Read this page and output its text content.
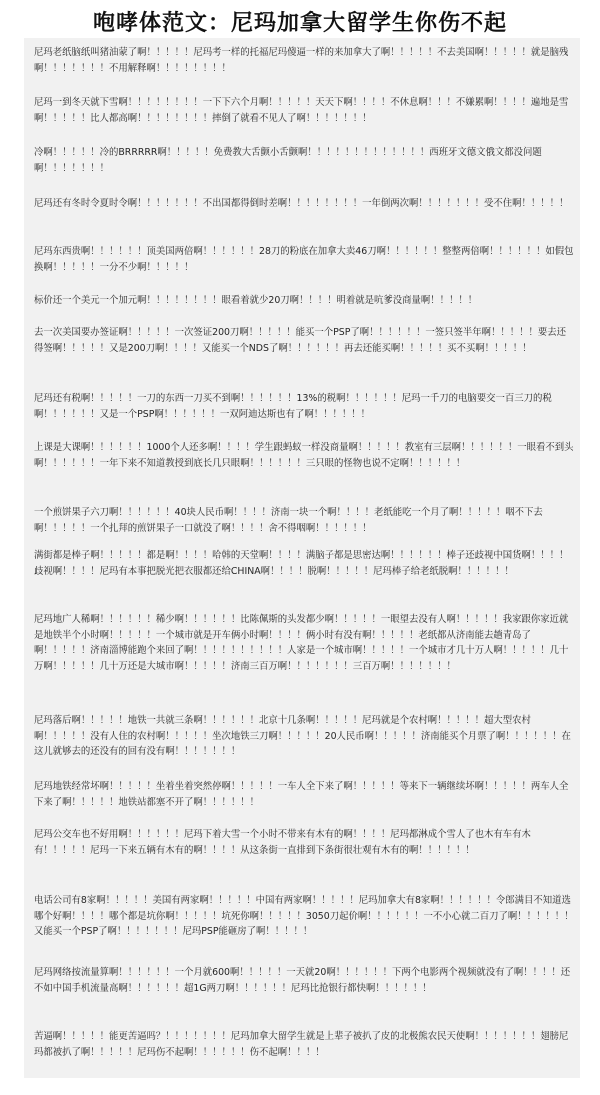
咆哮体范文：尼玛加拿大留学生你伤不起
尼玛老纸脑纸叫猪油蒙了啊！！！！！尼玛考一样的托福尼玛傻逼一样的来加拿大了啊！！！！！不去美国啊！！！！！就是脑残啊！！！！！！！不用解释啊！！！！！！！！
尼玛一到冬天就下雪啊！！！！！！！！一下下六个月啊！！！！！天天下啊！！！！不休息啊！！！不嫌累啊！！！！遍地是雪啊！！！！！比人都高啊！！！！！！！！摔倒了就看不见人了啊！！！！！！！
冷啊！！！！！冷的BRRRRR啊！！！！！免费教大舌颤小舌颤啊！！！！！！！！！！！！！西班牙文德文俄文都没问题啊！！！！！！！
尼玛还有冬时令夏时令啊！！！！！！！不出国都得倒时差啊！！！！！！！！一年倒两次啊！！！！！！！受不住啊！！！！！
尼玛东西贵啊！！！！！！顶美国两倍啊！！！！！！28刀的粉底在加拿大卖46刀啊！！！！！！整整两倍啊！！！！！！如假包换啊！！！！！一分不少啊！！！！！
标价还一个美元一个加元啊！！！！！！！！眼看着就少20刀啊！！！！明着就是吭爹没商量啊！！！！！
去一次美国要办签证啊！！！！！一次签证200刀啊！！！！！能买一个PSP了啊！！！！！！一签只签半年啊！！！！！要去还得签啊！！！！！又是200刀啊！！！！又能买一个NDS了啊！！！！！！再去还能买啊！！！！！买不买啊！！！！！
尼玛还有税啊！！！！！一刀的东西一刀买不到啊！！！！！！13%的税啊！！！！！！尼玛一千刀的电脑要交一百三刀的税啊！！！！！！又是一个PSP啊！！！！！！一双阿迪达斯也有了啊！！！！！！
上课是大课啊！！！！！！1000个人还多啊！！！！学生跟蚂蚁一样没商量啊！！！！！教室有三层啊！！！！！！一眼看不到头啊！！！！！！一年下来不知道教授到底长几只眼啊！！！！！！三只眼的怪物也说不定啊！！！！！！
一个煎饼果子六刀啊！！！！！！40块人民币啊！！！！济南一块一个啊！！！！老纸能吃一个月了啊！！！！！咽不下去啊！！！！！一个扎拜的煎饼果子一口就没了啊！！！！舍不得咽啊！！！！！！
满街都是棒子啊！！！！！都是啊！！！！哈韩的天堂啊！！！！满脑子都是思密达啊！！！！！！棒子还歧视中国货啊！！！！歧视啊！！！！尼玛有本事把脱光把衣服都还给CHINA啊！！！！脱啊！！！！！尼玛棒子给老纸脱啊！！！！！！
尼玛地广人稀啊！！！！！！稀少啊！！！！！！比陈佩斯的头发都少啊！！！！！一眼望去没有人啊！！！！！我家跟你家近就是地铁半个小时啊！！！！！一个城市就是开车俩小时啊！！！！俩小时有没有啊！！！！！老纸都从济南能去趟青岛了啊！！！！！济南淄博能跑个来回了啊！！！！！！！！！！人家是一个城市啊！！！！！一个城市才几十万人啊！！！！！几十万啊！！！！！几十万还是大城市啊！！！！！济南三百万啊！！！！！！！三百万啊！！！！！！！
尼玛落后啊！！！！！地铁一共就三条啊！！！！！！北京十几条啊！！！！！尼玛就是个农村啊！！！！！超大型农村啊！！！！！没有人住的农村啊！！！！！坐次地铁三刀啊！！！！！20人民币啊！！！！！济南能买个月票了啊！！！！！！在这儿就够去的还没有的回有没有啊！！！！！！！
尼玛地铁经常坏啊！！！！！坐着坐着突然停啊！！！！！一车人全下来了啊！！！！！等来下一辆继续坏啊！！！！！两车人全下来了啊！！！！！地铁站都塞不开了啊！！！！！！
尼玛公交车也不好用啊！！！！！！尼玛下着大雪一个小时不带来有木有的啊！！！！尼玛都淋成个雪人了也木有车有木有！！！！！尼玛一下来五辆有木有的啊！！！！从这条街一直排到下条街很壮观有木有的啊！！！！！！
电话公司有8家啊！！！！！美国有两家啊！！！！！中国有两家啊！！！！！尼玛加拿大有8家啊！！！！！！令郎满目不知道选哪个好啊！！！！哪个都是坑你啊！！！！！坑死你啊！！！！！3050刀起价啊！！！！！！一不小心就二百刀了啊！！！！！！又能买一个PSP了啊！！！！！！！尼玛PSP能砸房了啊！！！！！
尼玛网络按流量算啊！！！！！！一个月就600啊！！！！！一天就20啊！！！！！！下两个电影两个视频就没有了啊！！！！还不如中国手机流量高啊！！！！！！超1G两刀啊！！！！！！尼玛比抢银行都快啊！！！！！！
苦逼啊！！！！！能更苦逼吗？！！！！！！！尼玛加拿大留学生就是上辈子被扒了皮的北极熊农民天使啊！！！！！！！翅膀尼玛都被扒了啊！！！！！尼玛伤不起啊！！！！！！伤不起啊！！！！
